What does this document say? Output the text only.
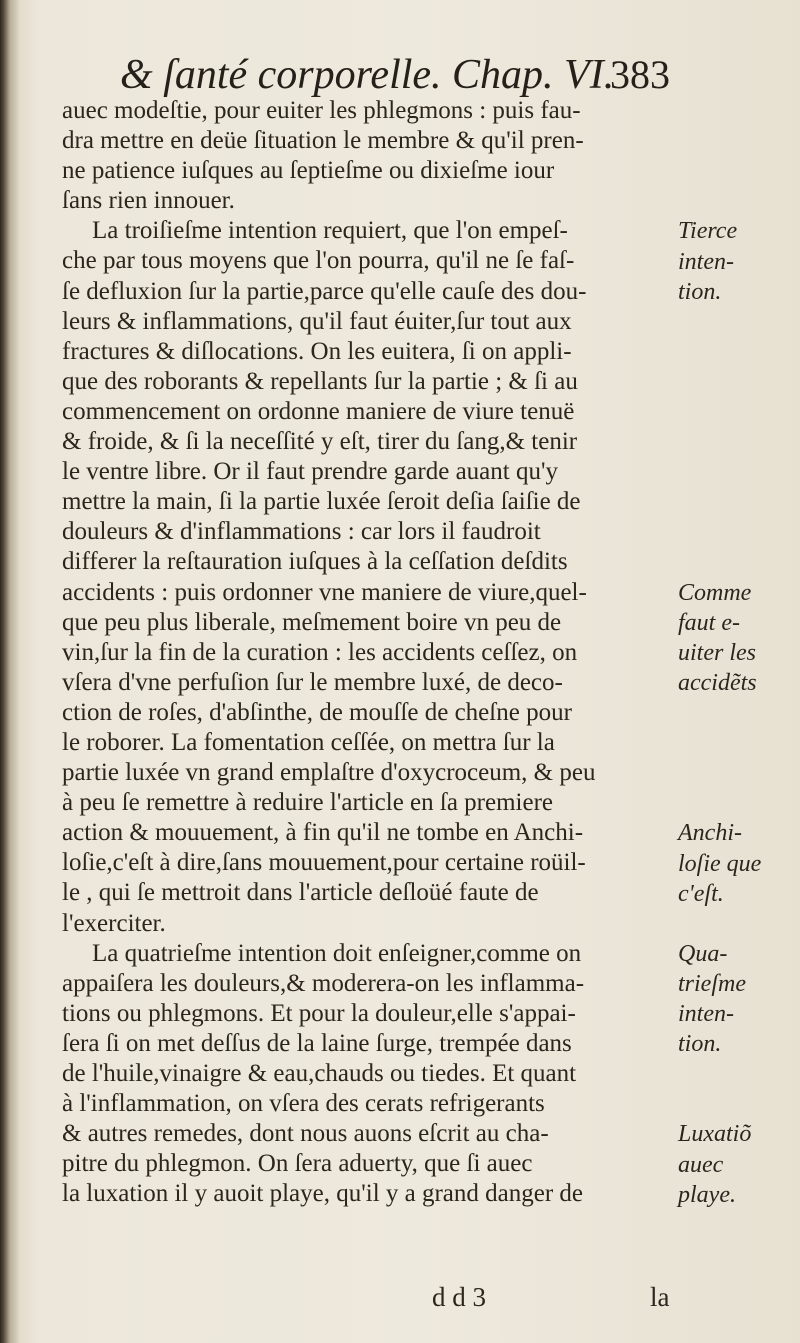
& ſanté corporelle. Chap. VI.
383
auec modeſtie, pour euiter les phlegmons : puis fau-
dra mettre en deüe ſituation le membre & qu'il pren-
ne patience iuſques au ſeptieſme ou dixieſme iour
ſans rien innouer.
La troiſieſme intention requiert, que l'on empeſ-
che par tous moyens que l'on pourra, qu'il ne ſe faſ-
ſe defluxion ſur la partie,parce qu'elle cauſe des dou-
leurs & inflammations, qu'il faut éuiter,ſur tout aux
fractures & diſlocations. On les euitera, ſi on appli-
que des roborants & repellants ſur la partie ; & ſi au
commencement on ordonne maniere de viure tenuë
& froide, & ſi la neceſſité y eſt, tirer du ſang,& tenir
le ventre libre. Or il faut prendre garde auant qu'y
mettre la main, ſi la partie luxée ſeroit deſia ſaiſie de
douleurs & d'inflammations : car lors il faudroit
differer la reſtauration iuſques à la ceſſation deſdits
accidents : puis ordonner vne maniere de viure,quel-
que peu plus liberale, meſmement boire vn peu de
vin,ſur la fin de la curation : les accidents ceſſez, on
vſera d'vne perfuſion ſur le membre luxé, de deco-
ction de roſes, d'abſinthe, de mouſſe de cheſne pour
le roborer. La fomentation ceſſée, on mettra ſur la
partie luxée vn grand emplaſtre d'oxycroceum, & peu
à peu ſe remettre à reduire l'article en ſa premiere
action & mouuement, à fin qu'il ne tombe en Anchi-
loſie,c'eſt à dire,ſans mouuement,pour certaine roüil-
le , qui ſe mettroit dans l'article deſloüé faute de
l'exerciter.
La quatrieſme intention doit enſeigner,comme on
appaiſera les douleurs,& moderera-on les inflamma-
tions ou phlegmons. Et pour la douleur,elle s'appai-
ſera ſi on met deſſus de la laine ſurge, trempée dans
de l'huile,vinaigre & eau,chauds ou tiedes. Et quant
à l'inflammation, on vſera des cerats refrigerants
& autres remedes, dont nous auons eſcrit au cha-
pitre du phlegmon. On ſera aduerty, que ſi auec
la luxation il y auoit playe, qu'il y a grand danger de
Tierce
inten-
tion.
Comme
faut e-
uiter les
accidẽts
Anchi-
loſie que
c'eſt.
Qua-
trieſme
inten-
tion.
Luxatiõ
auec
playe.
d d 3	la
